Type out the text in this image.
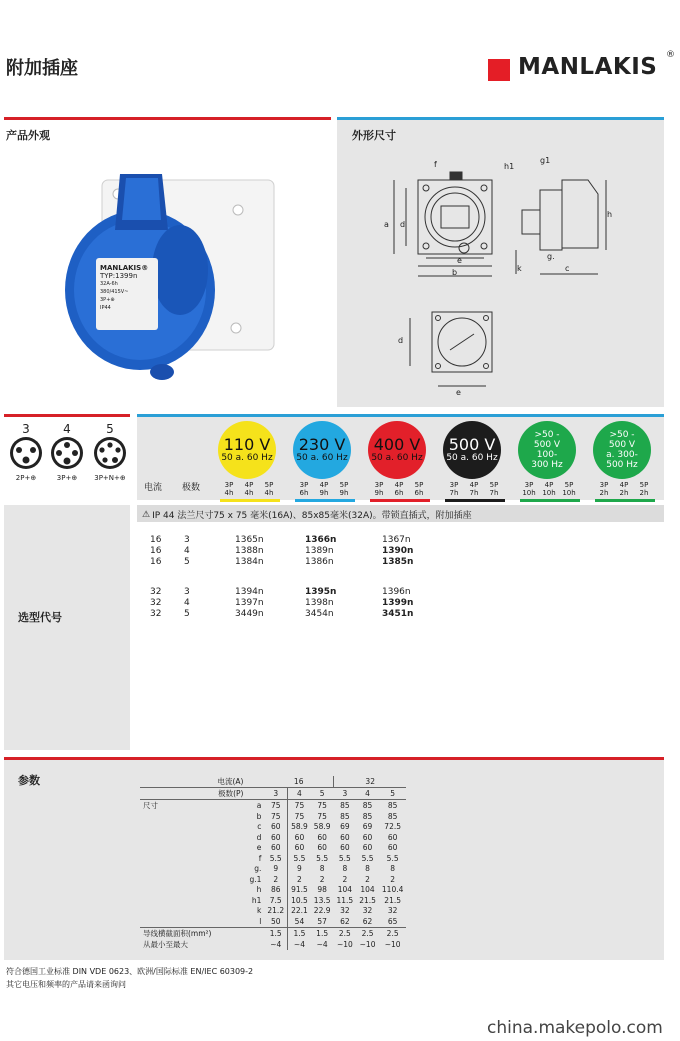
附加插座	MANLAKIS ®
产品外观
MANLAKIS®
TYP:1399n
32A-6h
380/415V~
3P+⊕
IP44
外形尺寸
f	h1
g1
a d
e
b	k
g.
c
h
d
e
3
2P+⊕
4
3P+⊕
5
3P+N+⊕
电流 极数
110 V
50 a. 60 Hz
3P
4h
4P
4h
5P
4h
230 V
50 a. 60 Hz
3P
6h
4P
9h
5P
9h
400 V
50 a. 60 Hz
3P
9h
4P
6h
5P
6h
500 V
50 a. 60 Hz
3P
7h
4P
7h
5P
7h
>50 -
500 V
100-
300 Hz
3P
10h
4P
10h
5P
10h
>50 -
500 V
a. 300-
500 Hz
3P
2h
4P
2h
5P
2h
选型代号
⚠ IP 44 法兰尺寸75 x 75 毫米(16A)、85x85毫米(32A)。带锁直插式，附加插座
16	3	1365n	1366n	1367n
16	4	1388n	1389n	1390n
16	5	1384n	1386n	1385n
32	3	1394n	1395n	1396n
32	4	1397n	1398n	1399n
32	5	3449n	3454n	3451n
参数
		电流(A)		16			32		
	极数(P)		3	4	5	3	4	5
尺寸		a	75	75	75	85	85	85
		b	75	75	75	85	85	85
		c	60	58.9	58.9	69	69	72.5
		d	60	60	60	60	60	60
		e	60	60	60	60	60	60
		f	5.5	5.5	5.5	5.5	5.5	5.5
		g.	9	9	8	8	8	8
		g.1	2	2	2	2	2	2
		h	86	91.5	98	104	104	110.4
		h1	7.5	10.5	13.5	11.5	21.5	21.5
		k	21.2	22.1	22.9	32	32	32
		l	50	54	57	62	62	65
导线横截面积(mm²)			1.5	1.5	1.5	2.5	2.5	2.5
从最小至最大			~4	~4	~4	~10	~10	~10
符合德国工业标准 DIN VDE 0623、欧洲/国际标准 EN/IEC 60309-2
其它电压和频率的产品请来函询问
china.makepolo.com
